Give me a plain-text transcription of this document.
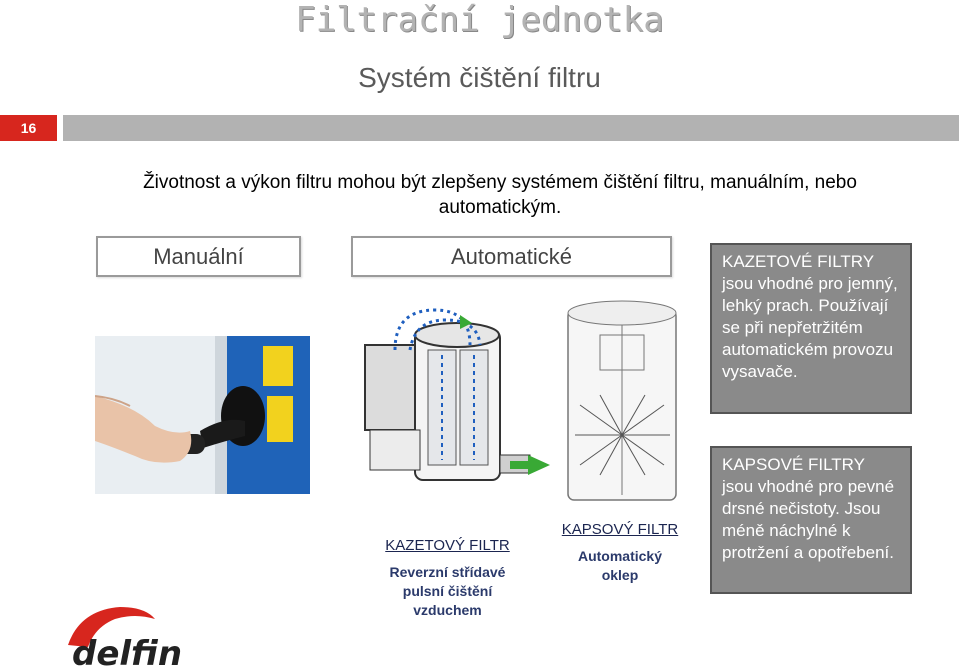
Filtrační jednotka
Systém čištění filtru
16
Životnost a výkon filtru mohou být zlepšeny systémem čištění filtru, manuálním, nebo automatickým.
Manuální	Automatické	KAZETOVÉ FILTRY
jsou vhodné pro jemný, lehký prach. Používají se při nepřetržitém automatickém provozu vysavače.
KAPSOVÉ FILTRY
jsou vhodné pro pevné drsné nečistoty. Jsou méně náchylné k protržení a opotřebení.
KAZETOVÝ FILTR
Reverzní střídavé pulsní čištění vzduchem
KAPSOVÝ FILTR
Automatický oklep
delfin
